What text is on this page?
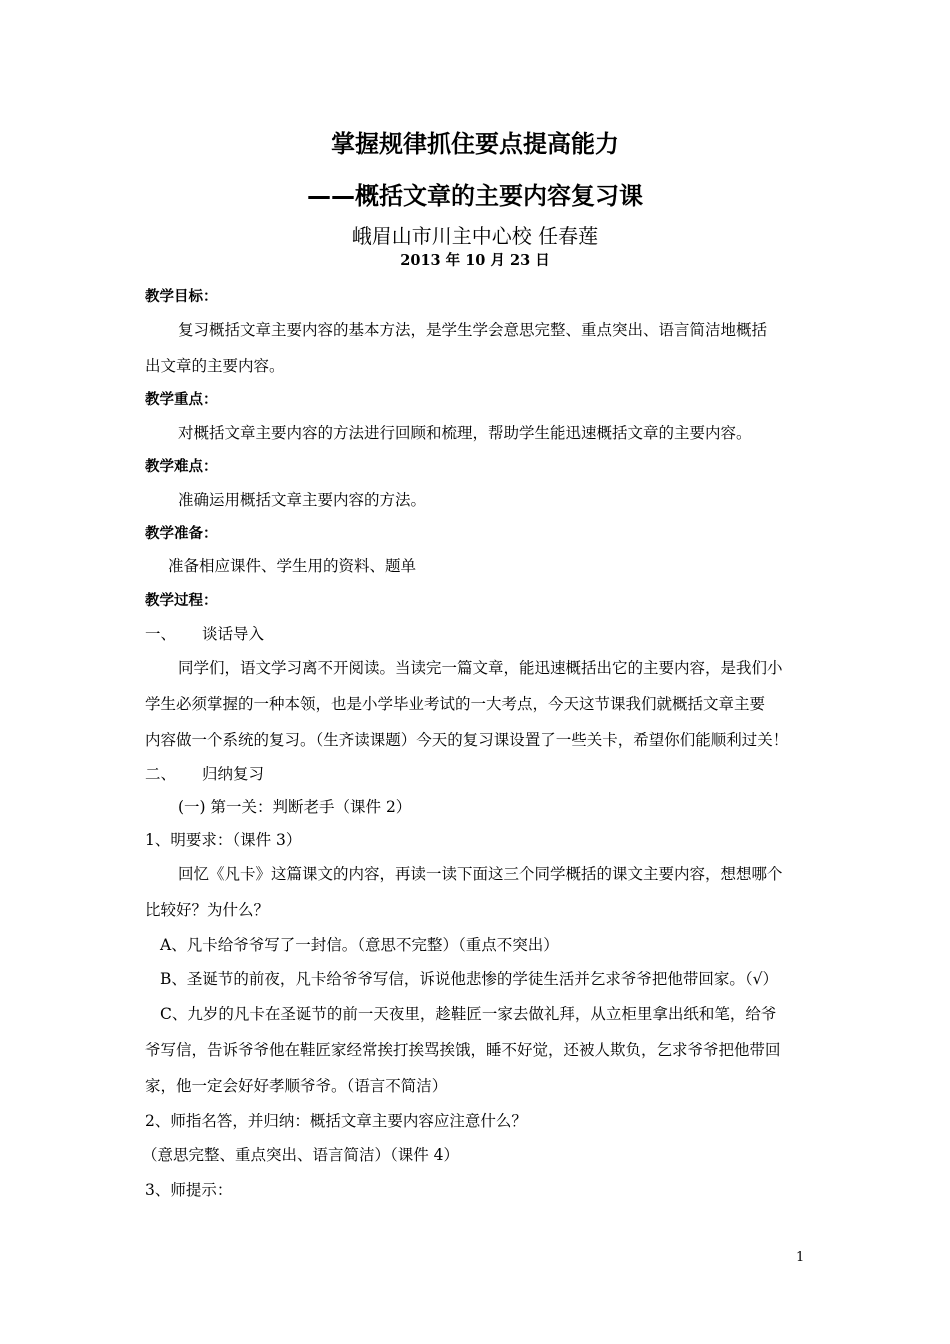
掌握规律抓住要点提高能力
——概括文章的主要内容复习课
峨眉山市川主中心校 任春莲
2013 年 10 月 23 日
教学目标：
复习概括文章主要内容的基本方法，是学生学会意思完整、重点突出、语言简洁地概括
出文章的主要内容。
教学重点：
对概括文章主要内容的方法进行回顾和梳理，帮助学生能迅速概括文章的主要内容。
教学难点：
准确运用概括文章主要内容的方法。
教学准备：
准备相应课件、学生用的资料、题单
教学过程：
一、 谈话导入
同学们，语文学习离不开阅读。当读完一篇文章，能迅速概括出它的主要内容，是我们小
学生必须掌握的一种本领，也是小学毕业考试的一大考点，今天这节课我们就概括文章主要
内容做一个系统的复习。（生齐读课题）今天的复习课设置了一些关卡，希望你们能顺利过关！
二、 归纳复习
(一) 第一关：判断老手（课件 2）
1、明要求：（课件 3）
回忆《凡卡》这篇课文的内容，再读一读下面这三个同学概括的课文主要内容，想想哪个
比较好？为什么？
A、凡卡给爷爷写了一封信。（意思不完整）（重点不突出）
B、圣诞节的前夜，凡卡给爷爷写信，诉说他悲惨的学徒生活并乞求爷爷把他带回家。（√）
C、九岁的凡卡在圣诞节的前一天夜里，趁鞋匠一家去做礼拜，从立柜里拿出纸和笔，给爷
爷写信，告诉爷爷他在鞋匠家经常挨打挨骂挨饿，睡不好觉，还被人欺负，乞求爷爷把他带回
家，他一定会好好孝顺爷爷。（语言不简洁）
2、师指名答，并归纳：概括文章主要内容应注意什么？
（意思完整、重点突出、语言简洁）（课件 4）
3、师提示：
1
